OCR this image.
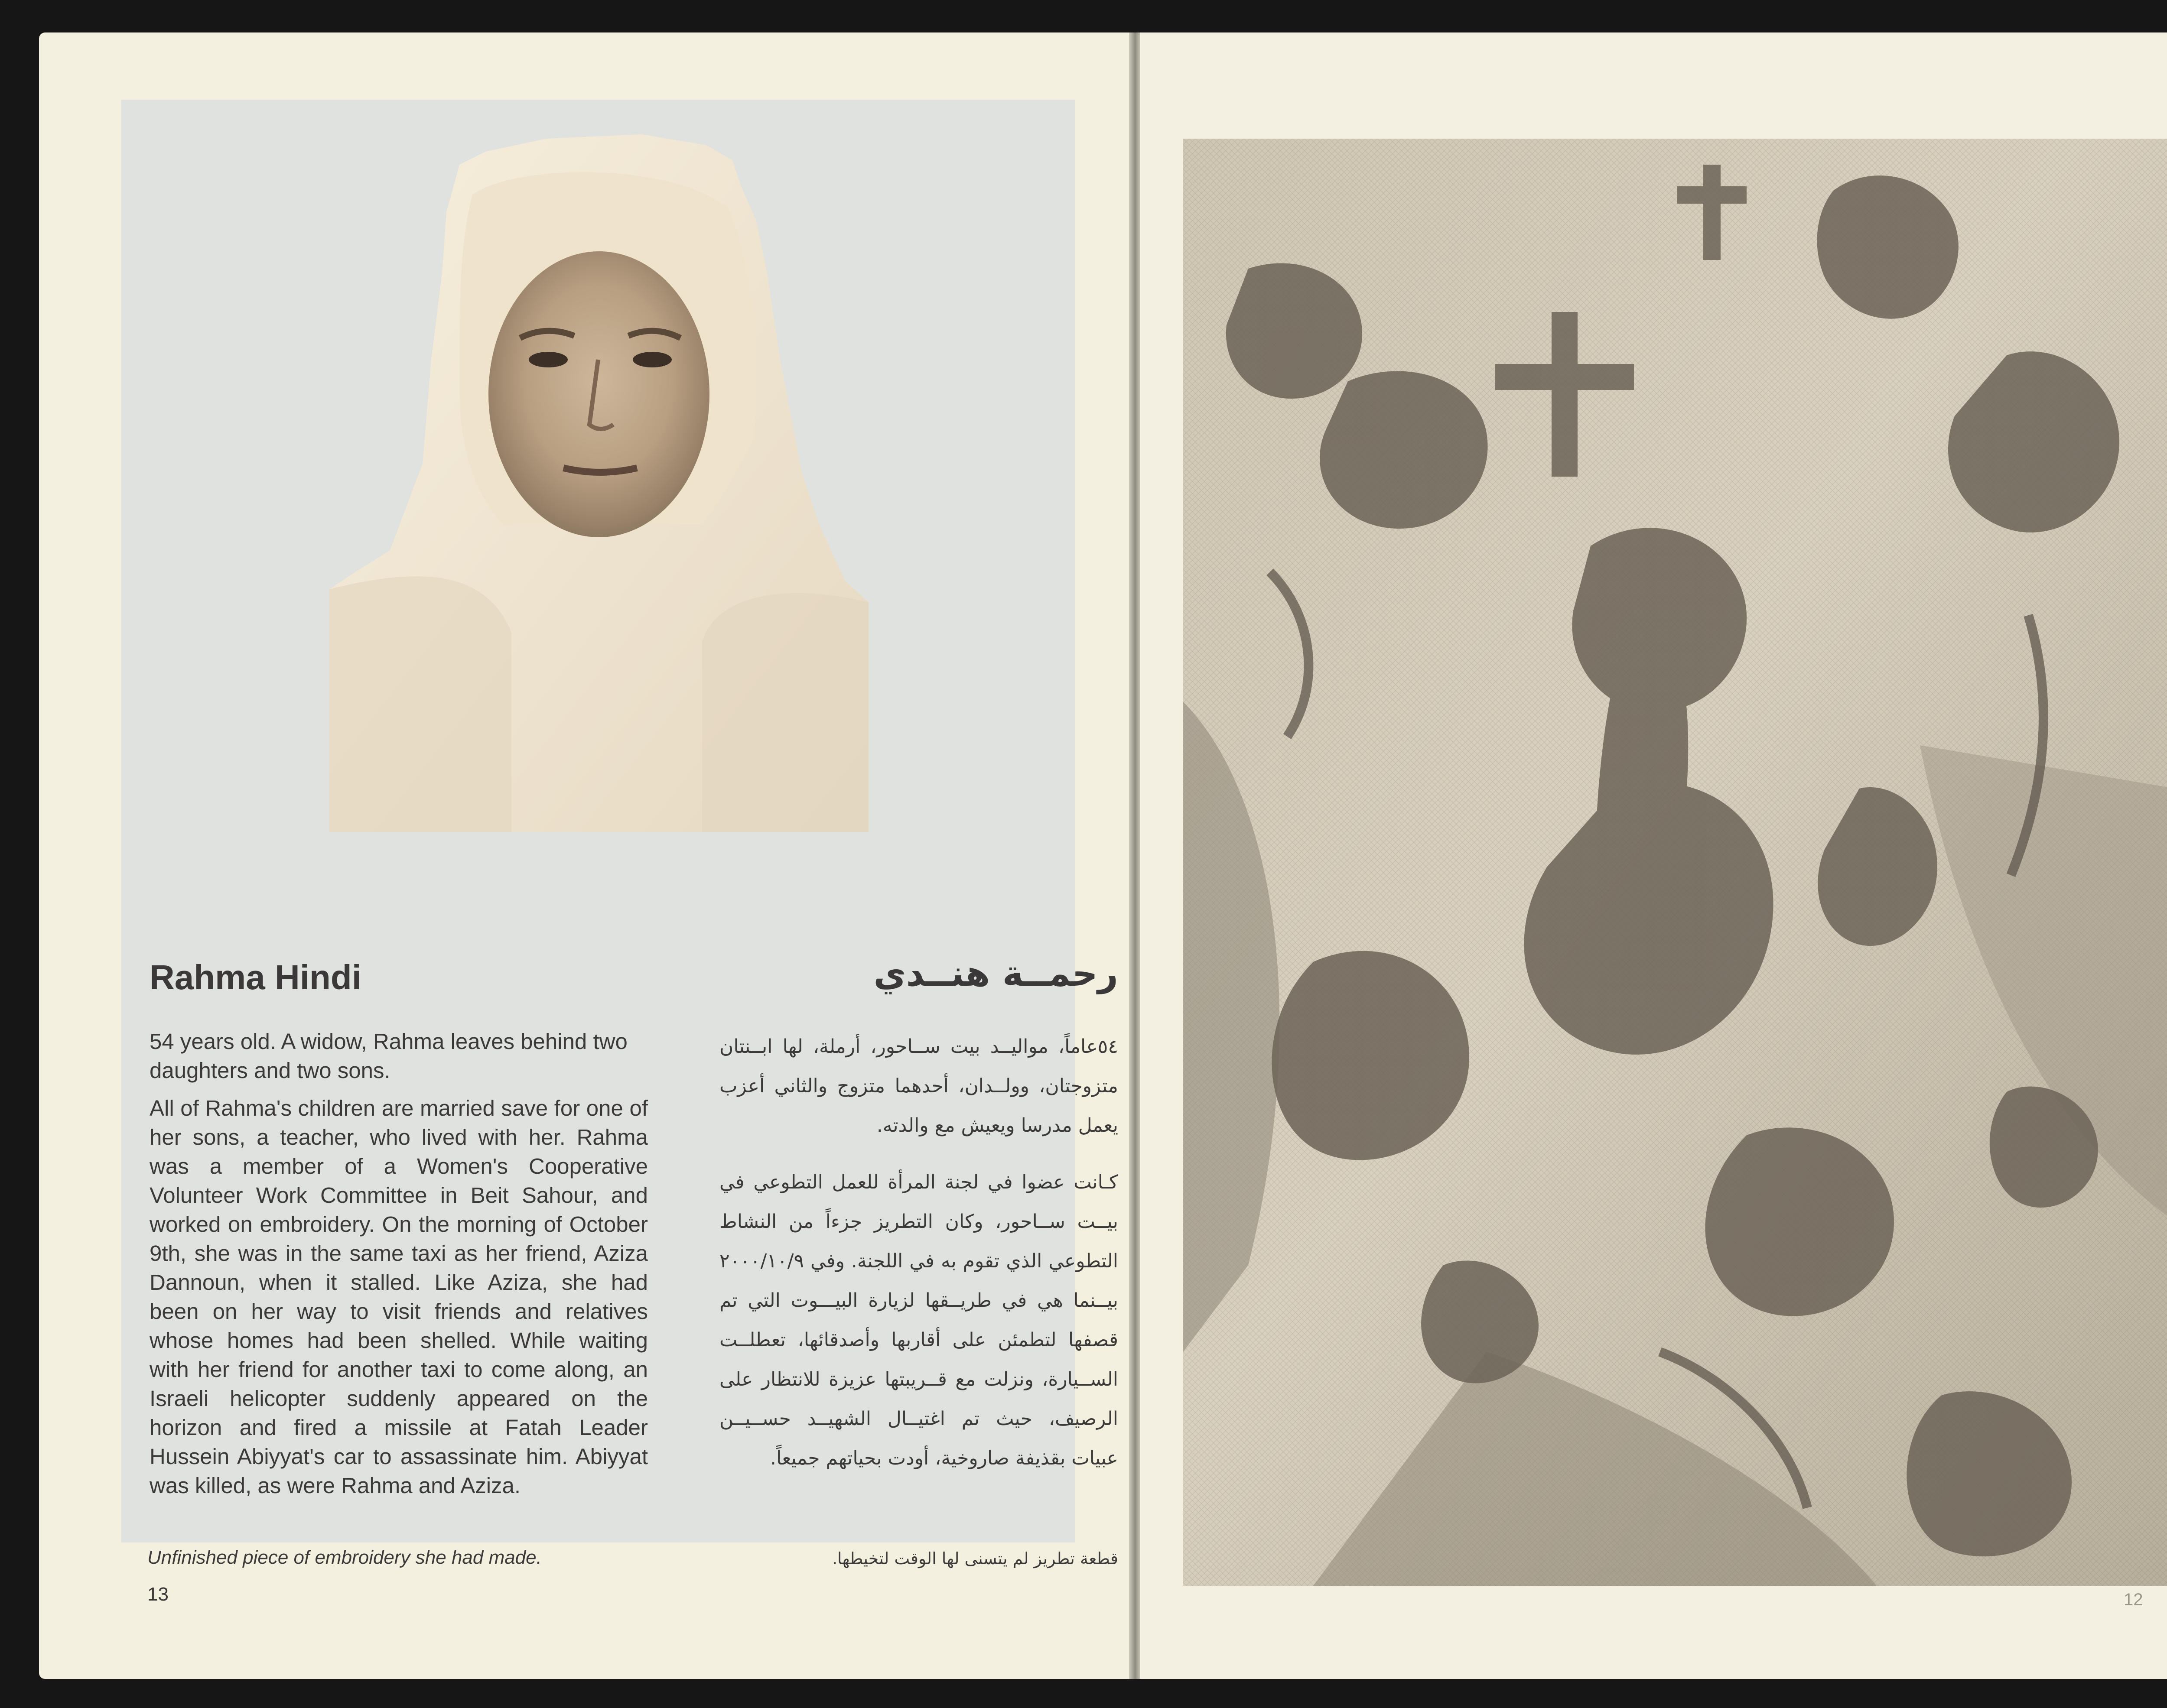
Rahma Hindi	رحمــة هنــدي

54 years old. A widow, Rahma leaves behind two daughters and two sons.

All of Rahma's children are married save for one of her sons, a teacher, who lived with her. Rahma was a member of a Women's Cooperative Volunteer Work Committee in Beit Sahour, and worked on embroidery. On the morning of October 9th, she was in the same taxi as her friend, Aziza Dannoun, when it stalled. Like Aziza, she had been on her way to visit friends and relatives whose homes had been shelled. While waiting with her friend for another taxi to come along, an Israeli helicopter suddenly appeared on the horizon and fired a missile at Fatah Leader Hussein Abiyyat's car to assassinate him. Abiyyat was killed, as were Rahma and Aziza.

٥٤عاماً، مواليــد بيت ســاحور، أرملة، لها ابــنتان متزوجتان، وولــدان، أحدهما متزوج والثاني أعزب يعمل مدرسا ويعيش مع والدته.

كـانت عضوا في لجنة المرأة للعمل التطوعي في بيــت ســاحور، وكان التطريز جزءاً من النشاط التطوعي الذي تقوم به في اللجنة. وفي ٢٠٠٠/١٠/٩ بيــنما هي في طريــقها لزيارة البيـــوت التي تم قصفها لتطمئن على أقاربها وأصدقائها، تعطلــت الســيارة، ونزلت مع قــريبتها عزيزة للانتظار على الرصيف، حيث تم اغتيــال الشهيــد حســيــن عبيات بقذيفة صاروخية، أودت بحياتهم جميعاً.

Unfinished piece of embroidery she had made.	قطعة تطريز لم يتسنى لها الوقت لتخيطها.
13	12
